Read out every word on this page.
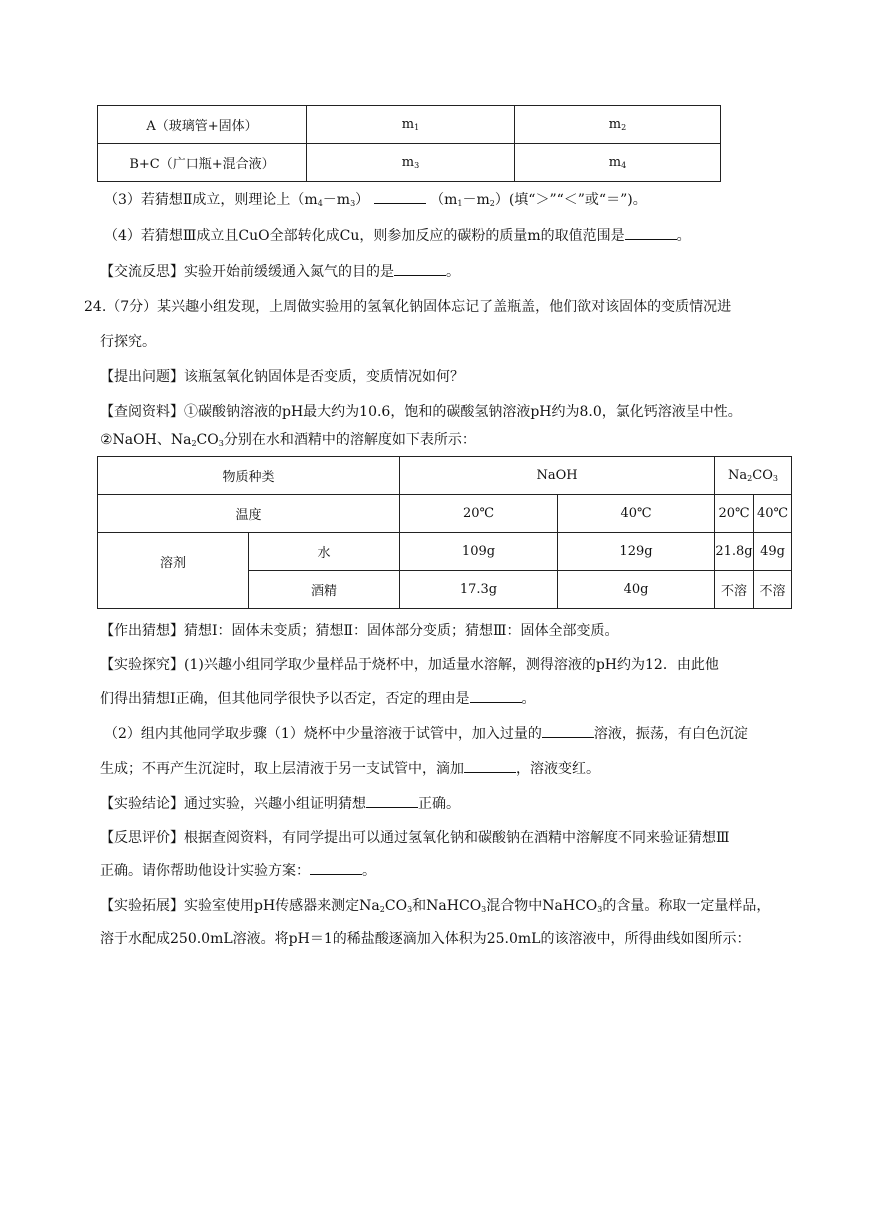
A（玻璃管+固体）	$m_1$	$m_2$
B+C（广口瓶+混合液）	$m_3$	$m_4$
（3）若猜想Ⅱ成立，则理论上$(m_4-m_3)$	$(m_1-m_2)$(填“＞”“＜”或“＝”)。
（4）若猜想Ⅲ成立且CuO全部转化成Cu，则参加反应的碳粉的质量m的取值范围是	。
【交流反思】实验开始前缓缓通入氮气的目的是	。
24.（7分）某兴趣小组发现，上周做实验用的氢氧化钠固体忘记了盖瓶盖，他们欲对该固体的变质情况进
行探究。
【提出问题】该瓶氢氧化钠固体是否变质，变质情况如何？
【查阅资料】①碳酸钠溶液的pH最大约为10.6，饱和的碳酸氢钠溶液pH约为8.0，氯化钙溶液呈中性。
②NaOH、$Na_2CO_3$分别在水和酒精中的溶解度如下表所示：
物质种类		NaOH		$Na_2CO_3$
温度		20℃	40℃	20℃	40℃

溶剂	水	109g	129g	21.8g	49g
	酒精	17.3g	40g	不溶	不溶
【作出猜想】猜想Ⅰ：固体未变质；猜想Ⅱ：固体部分变质；猜想Ⅲ：固体全部变质。
【实验探究】(1)兴趣小组同学取少量样品于烧杯中，加适量水溶解，测得溶液的pH约为12．由此他
们得出猜想Ⅰ正确，但其他同学很快予以否定，否定的理由是	。
（2）组内其他同学取步骤（1）烧杯中少量溶液于试管中，加入过量的	溶液，振荡，有白色沉淀
生成；不再产生沉淀时，取上层清液于另一支试管中，滴加	，溶液变红。
【实验结论】通过实验，兴趣小组证明猜想	正确。
【反思评价】根据查阅资料，有同学提出可以通过氢氧化钠和碳酸钠在酒精中溶解度不同来验证猜想Ⅲ
正确。请你帮助他设计实验方案：	。
【实验拓展】实验室使用pH传感器来测定$Na_2CO_3$和NaHCO$_3$混合物中NaHCO$_3$的含量。称取一定量样品，
溶于水配成250.0mL溶液。将pH＝1的稀盐酸逐滴加入体积为25.0mL的该溶液中，所得曲线如图所示：
